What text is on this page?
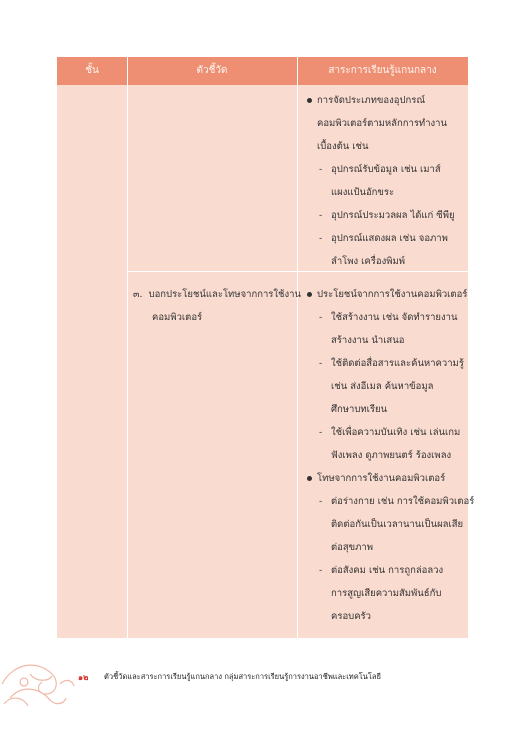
ชั้น	ตัวชี้วัด	สาระการเรียนรู้แกนกลาง
การจัดประเภทของอุปกรณ์
คอมพิวเตอร์ตามหลักการทำงาน
เบื้องต้น เช่น
- อุปกรณ์รับข้อมูล เช่น เมาส์
แผงแป้นอักขระ
- อุปกรณ์ประมวลผล ได้แก่ ซีพียู
- อุปกรณ์แสดงผล เช่น จอภาพ
ลำโพง เครื่องพิมพ์
๓. บอกประโยชน์และโทษจากการใช้งาน
คอมพิวเตอร์
ประโยชน์จากการใช้งานคอมพิวเตอร์
- ใช้สร้างงาน เช่น จัดทำรายงาน
สร้างงาน นำเสนอ
- ใช้ติดต่อสื่อสารและค้นหาความรู้
เช่น ส่งอีเมล ค้นหาข้อมูล
ศึกษาบทเรียน
- ใช้เพื่อความบันเทิง เช่น เล่นเกม
ฟังเพลง ดูภาพยนตร์ ร้องเพลง
โทษจากการใช้งานคอมพิวเตอร์
- ต่อร่างกาย เช่น การใช้คอมพิวเตอร์
ติดต่อกันเป็นเวลานานเป็นผลเสีย
ต่อสุขภาพ
- ต่อสังคม เช่น การถูกล่อลวง
การสูญเสียความสัมพันธ์กับ
ครอบครัว
๑๒ ตัวชี้วัดและสาระการเรียนรู้แกนกลาง กลุ่มสาระการเรียนรู้การงานอาชีพและเทคโนโลยี
